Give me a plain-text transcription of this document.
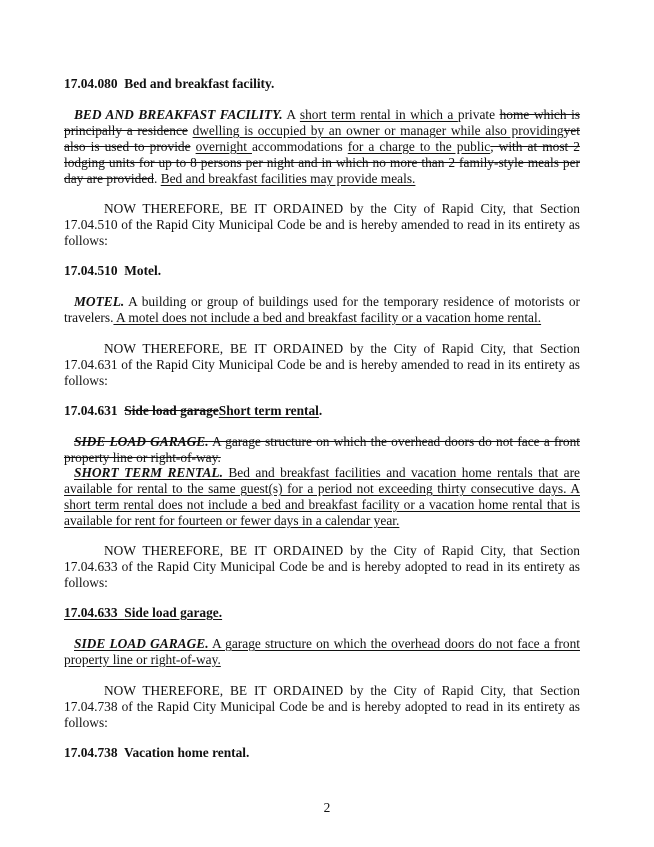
17.04.080 Bed and breakfast facility.

BED AND BREAKFAST FACILITY. A short term rental in which a private home which is principally a residence dwelling is occupied by an owner or manager while also providingyet also is used to provide overnight accommodations for a charge to the public, with at most 2 lodging units for up to 8 persons per night and in which no more than 2 family-style meals per day are provided. Bed and breakfast facilities may provide meals.

NOW THEREFORE, BE IT ORDAINED by the City of Rapid City, that Section 17.04.510 of the Rapid City Municipal Code be and is hereby amended to read in its entirety as follows:

17.04.510 Motel.

MOTEL. A building or group of buildings used for the temporary residence of motorists or travelers. A motel does not include a bed and breakfast facility or a vacation home rental.

NOW THEREFORE, BE IT ORDAINED by the City of Rapid City, that Section 17.04.631 of the Rapid City Municipal Code be and is hereby amended to read in its entirety as follows:

17.04.631 Side load garageShort term rental.

SIDE LOAD GARAGE. A garage structure on which the overhead doors do not face a front property line or right-of-way.

SHORT TERM RENTAL. Bed and breakfast facilities and vacation home rentals that are available for rental to the same guest(s) for a period not exceeding thirty consecutive days. A short term rental does not include a bed and breakfast facility or a vacation home rental that is available for rent for fourteen or fewer days in a calendar year.

NOW THEREFORE, BE IT ORDAINED by the City of Rapid City, that Section 17.04.633 of the Rapid City Municipal Code be and is hereby adopted to read in its entirety as follows:

17.04.633 Side load garage.

SIDE LOAD GARAGE. A garage structure on which the overhead doors do not face a front property line or right-of-way.

NOW THEREFORE, BE IT ORDAINED by the City of Rapid City, that Section 17.04.738 of the Rapid City Municipal Code be and is hereby adopted to read in its entirety as follows:

17.04.738 Vacation home rental.

2
